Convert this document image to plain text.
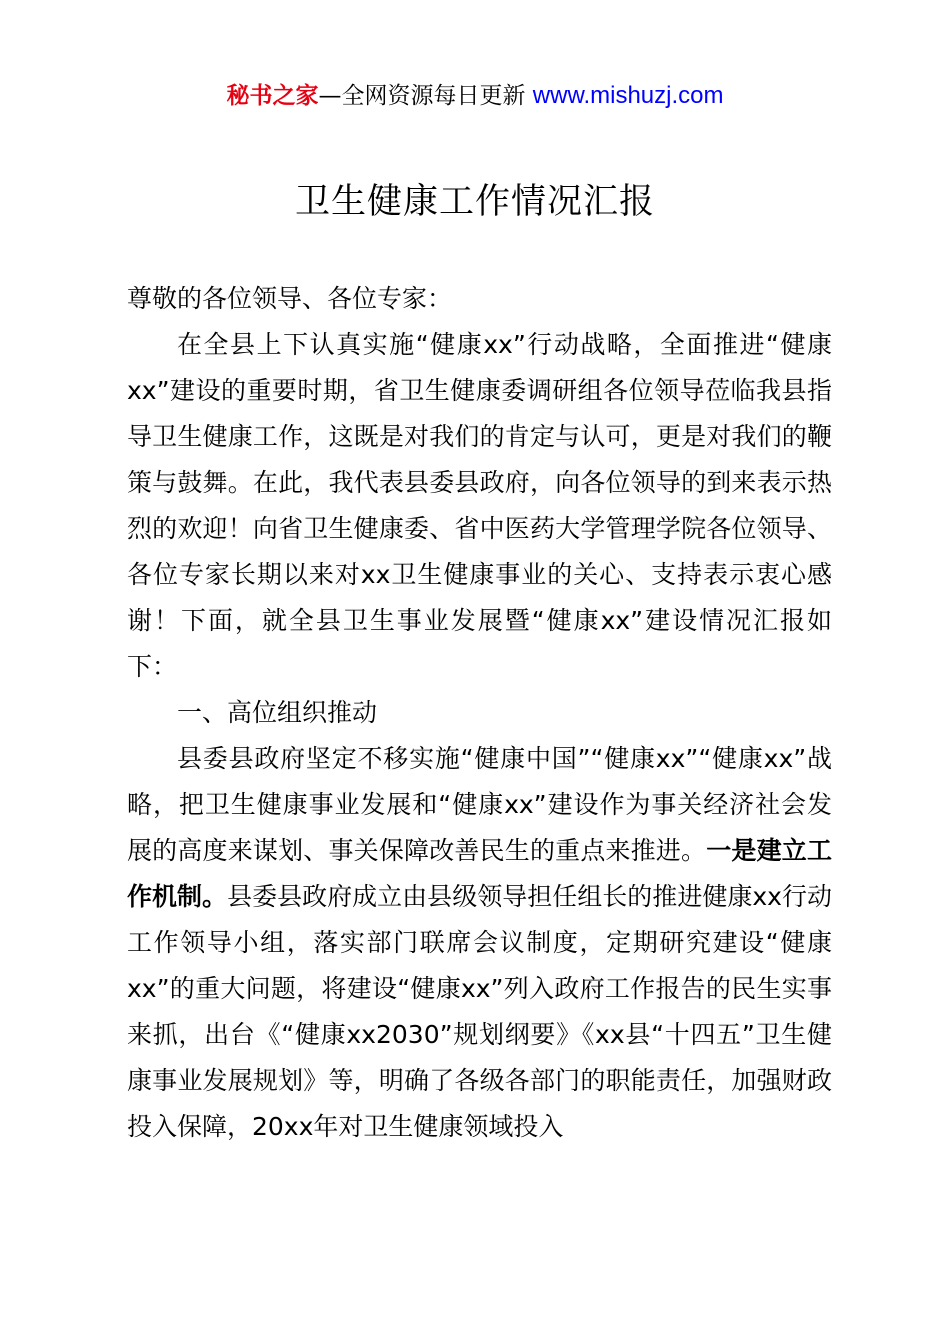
秘书之家—全网资源每日更新 www.mishuzj.com
卫生健康工作情况汇报

尊敬的各位领导、各位专家：

在全县上下认真实施“健康xx”行动战略，全面推进“健康xx”建设的重要时期，省卫生健康委调研组各位领导莅临我县指导卫生健康工作，这既是对我们的肯定与认可，更是对我们的鞭策与鼓舞。在此，我代表县委县政府，向各位领导的到来表示热烈的欢迎！向省卫生健康委、省中医药大学管理学院各位领导、各位专家长期以来对xx卫生健康事业的关心、支持表示衷心感谢！下面，就全县卫生事业发展暨“健康xx”建设情况汇报如下：

一、高位组织推动

县委县政府坚定不移实施“健康中国”“健康xx”“健康xx”战略，把卫生健康事业发展和“健康xx”建设作为事关经济社会发展的高度来谋划、事关保障改善民生的重点来推进。一是建立工作机制。县委县政府成立由县级领导担任组长的推进健康xx行动工作领导小组，落实部门联席会议制度，定期研究建设“健康xx”的重大问题，将建设“健康xx”列入政府工作报告的民生实事来抓，出台《“健康xx2030”规划纲要》《xx县“十四五”卫生健康事业发展规划》等，明确了各级各部门的职能责任，加强财政投入保障，20xx年对卫生健康领域投入
